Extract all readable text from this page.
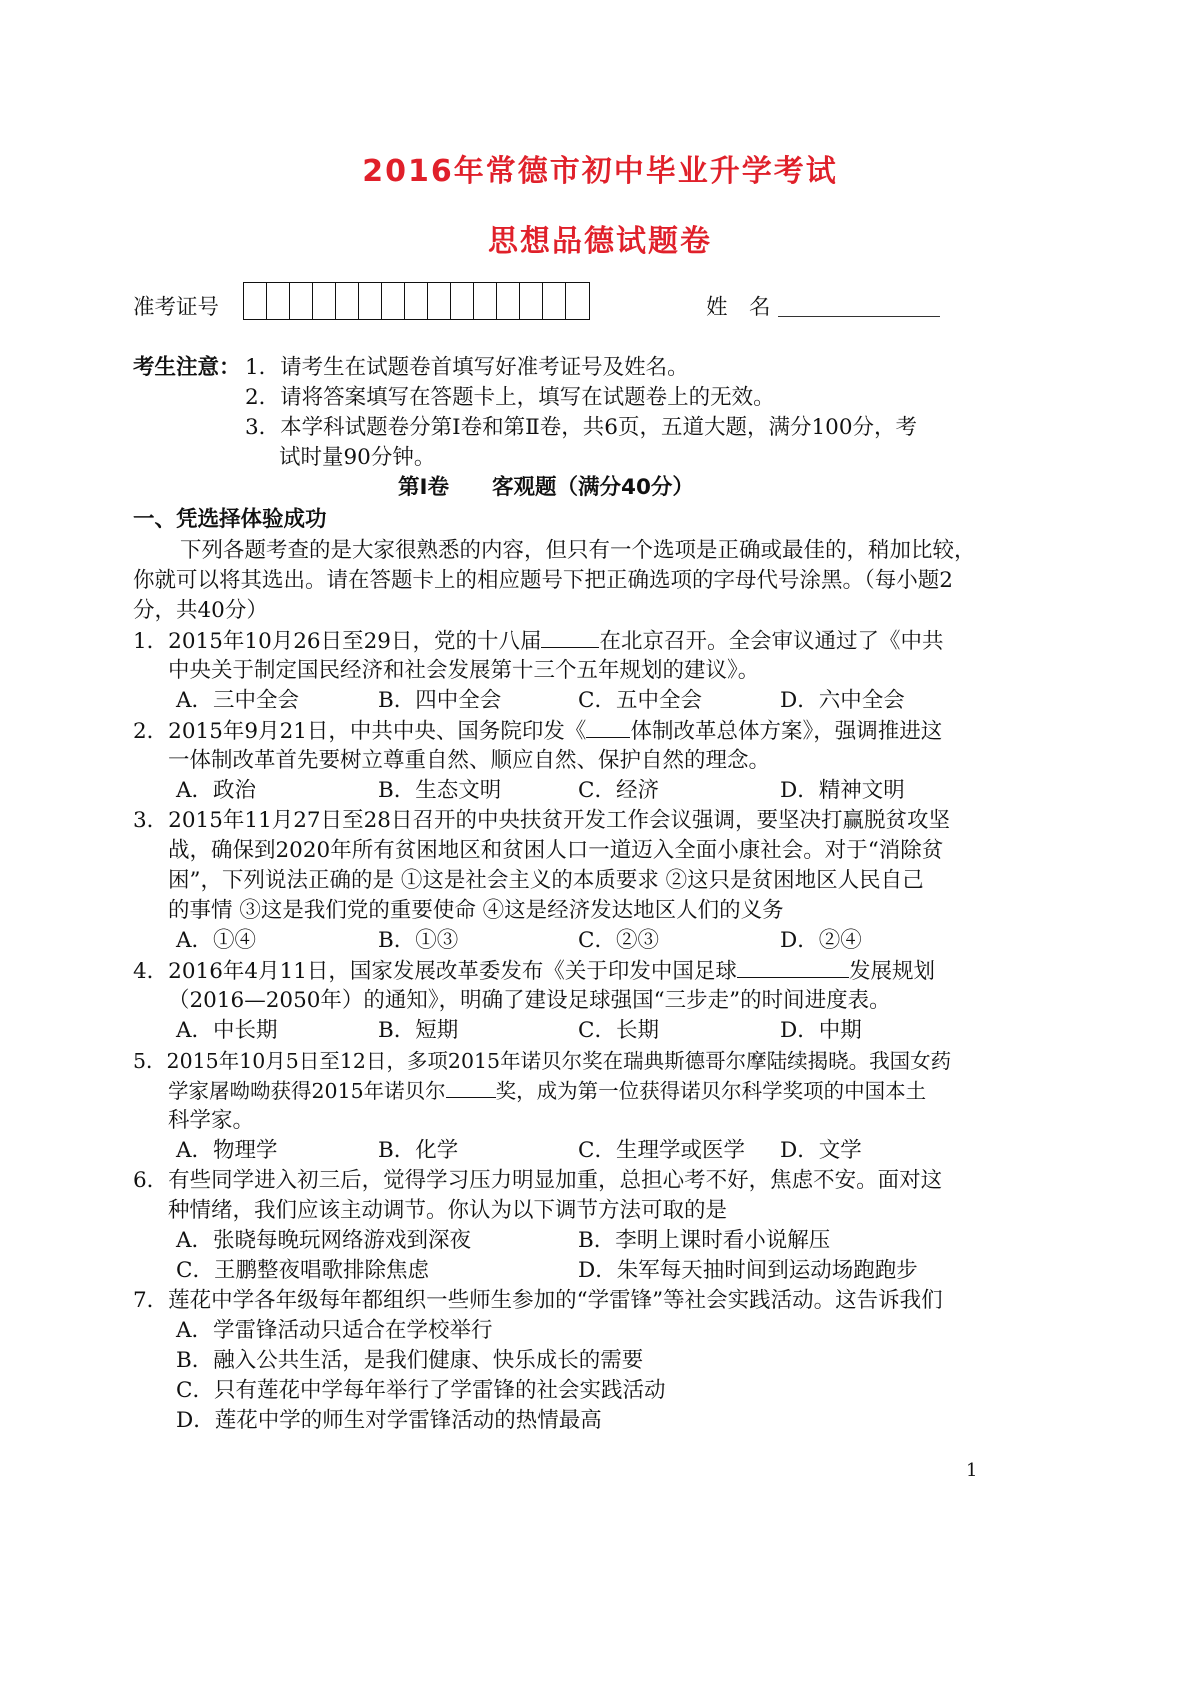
2016年常德市初中毕业升学考试
思想品德试题卷
准考证号	姓　名
考生注意： 1．请考生在试题卷首填写好准考证号及姓名。
2．请将答案填写在答题卡上，填写在试题卷上的无效。
3．本学科试题卷分第Ⅰ卷和第Ⅱ卷，共6页，五道大题，满分100分，考
试时量90分钟。
第Ⅰ卷　　客观题（满分40分）
一、凭选择体验成功
下列各题考查的是大家很熟悉的内容，但只有一个选项是正确或最佳的，稍加比较，
你就可以将其选出。请在答题卡上的相应题号下把正确选项的字母代号涂黑。（每小题2
分，共40分）
1．2015年10月26日至29日，党的十八届	在北京召开。全会审议通过了《中共
中央关于制定国民经济和社会发展第十三个五年规划的建议》。
A．三中全会	B．四中全会	C．五中全会	D．六中全会
2．2015年9月21日，中共中央、国务院印发《 体制改革总体方案》，强调推进这
一体制改革首先要树立尊重自然、顺应自然、保护自然的理念。
A．政治	B．生态文明	C．经济	D．精神文明
3．2015年11月27日至28日召开的中央扶贫开发工作会议强调，要坚决打赢脱贫攻坚
战，确保到2020年所有贫困地区和贫困人口一道迈入全面小康社会。对于“消除贫
困”，下列说法正确的是 ①这是社会主义的本质要求 ②这只是贫困地区人民自己
的事情 ③这是我们党的重要使命 ④这是经济发达地区人们的义务
A．①④	B．①③	C．②③	D．②④
4．2016年4月11日，国家发展改革委发布《关于印发中国足球	发展规划
（2016—2050年）的通知》，明确了建设足球强国“三步走”的时间进度表。
A．中长期	B．短期	C．长期	D．中期
5．2015年10月5日至12日，多项2015年诺贝尔奖在瑞典斯德哥尔摩陆续揭晓。我国女药
学家屠呦呦获得2015年诺贝尔 奖，成为第一位获得诺贝尔科学奖项的中国本土
科学家。
A．物理学	B．化学	C．生理学或医学 D．文学
6．有些同学进入初三后，觉得学习压力明显加重，总担心考不好，焦虑不安。面对这
种情绪，我们应该主动调节。你认为以下调节方法可取的是
A．张晓每晚玩网络游戏到深夜	B．李明上课时看小说解压
C．王鹏整夜唱歌排除焦虑	D．朱军每天抽时间到运动场跑跑步
7．莲花中学各年级每年都组织一些师生参加的“学雷锋”等社会实践活动。这告诉我们
A．学雷锋活动只适合在学校举行
B．融入公共生活，是我们健康、快乐成长的需要
C．只有莲花中学每年举行了学雷锋的社会实践活动
D．莲花中学的师生对学雷锋活动的热情最高
1
